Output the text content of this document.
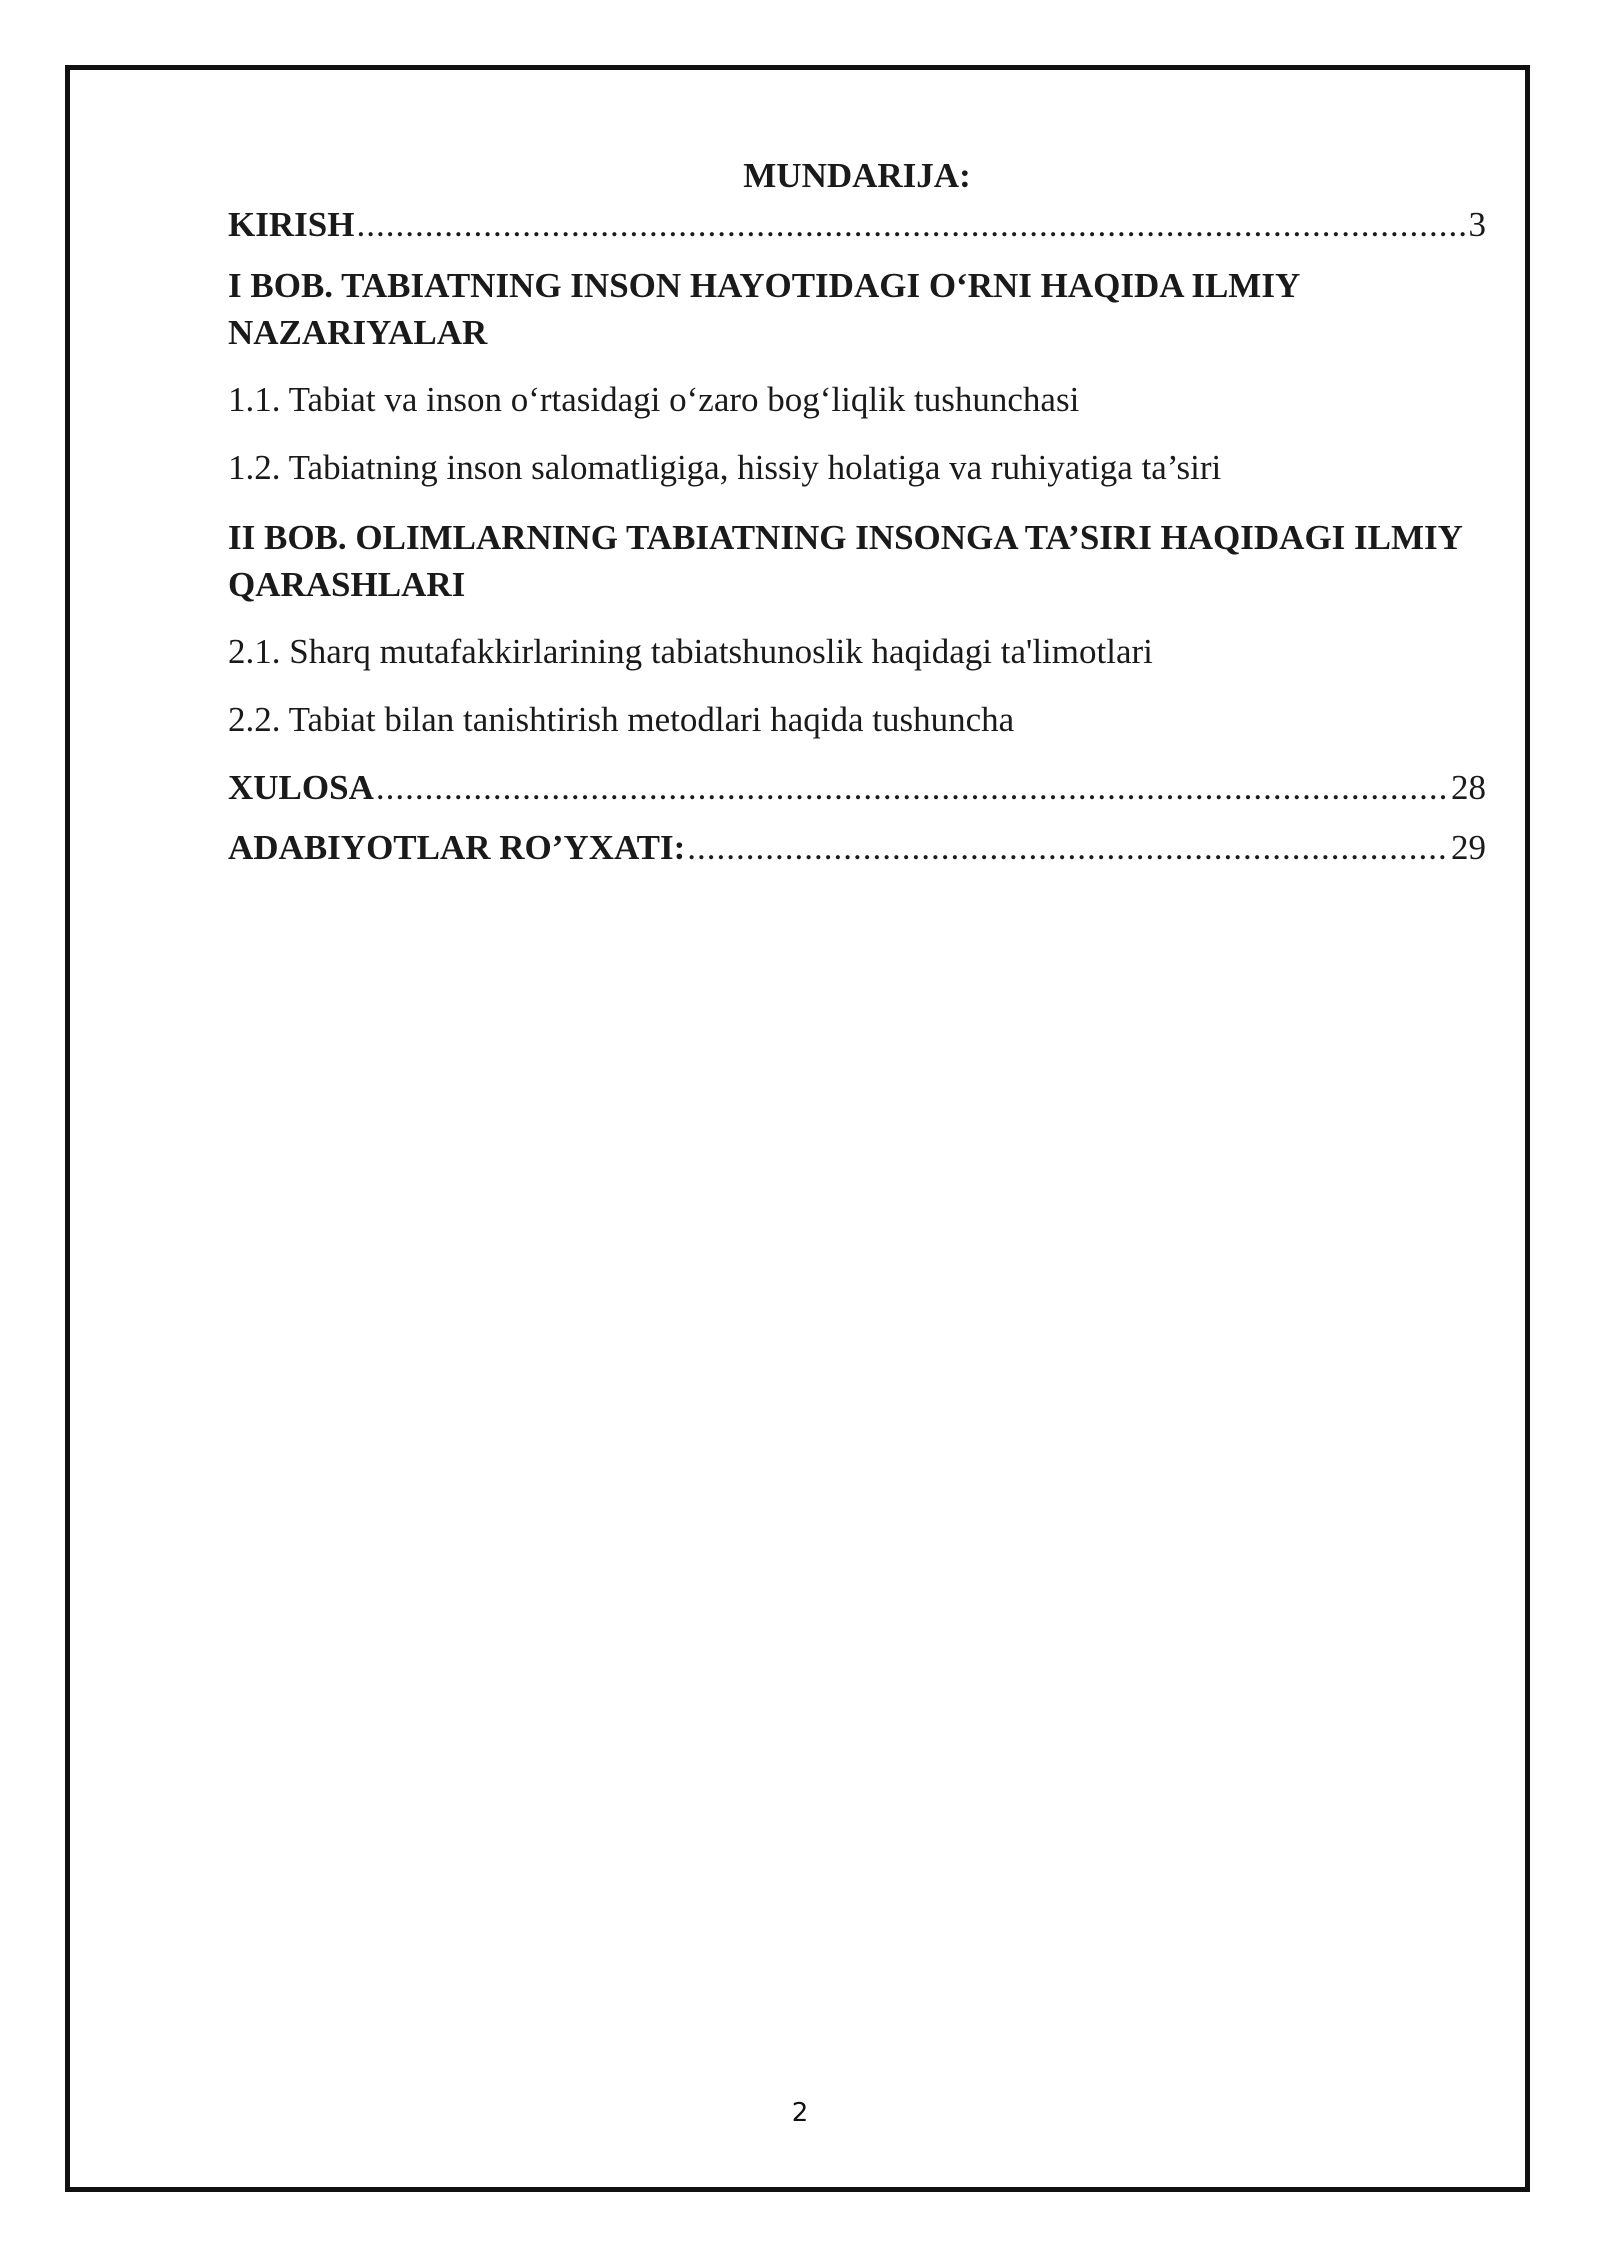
MUNDARIJA:
KIRISH .....	3
I BOB. TABIATNING INSON HAYOTIDAGI O‘RNI HAQIDA ILMIY NAZARIYALAR
1.1. Tabiat va inson o‘rtasidagi o‘zaro bog‘liqlik tushunchasi
1.2. Tabiatning inson salomatligiga, hissiy holatiga va ruhiyatiga ta’siri
II BOB. OLIMLARNING TABIATNING INSONGA TA’SIRI HAQIDAGI ILMIY QARASHLARI
2.1. Sharq mutafakkirlarining tabiatshunoslik haqidagi ta'limotlari
2.2. Tabiat bilan tanishtirish metodlari haqida tushuncha
XULOSA .....	28
ADABIYOTLAR RO’YXATI: .....	29
2
